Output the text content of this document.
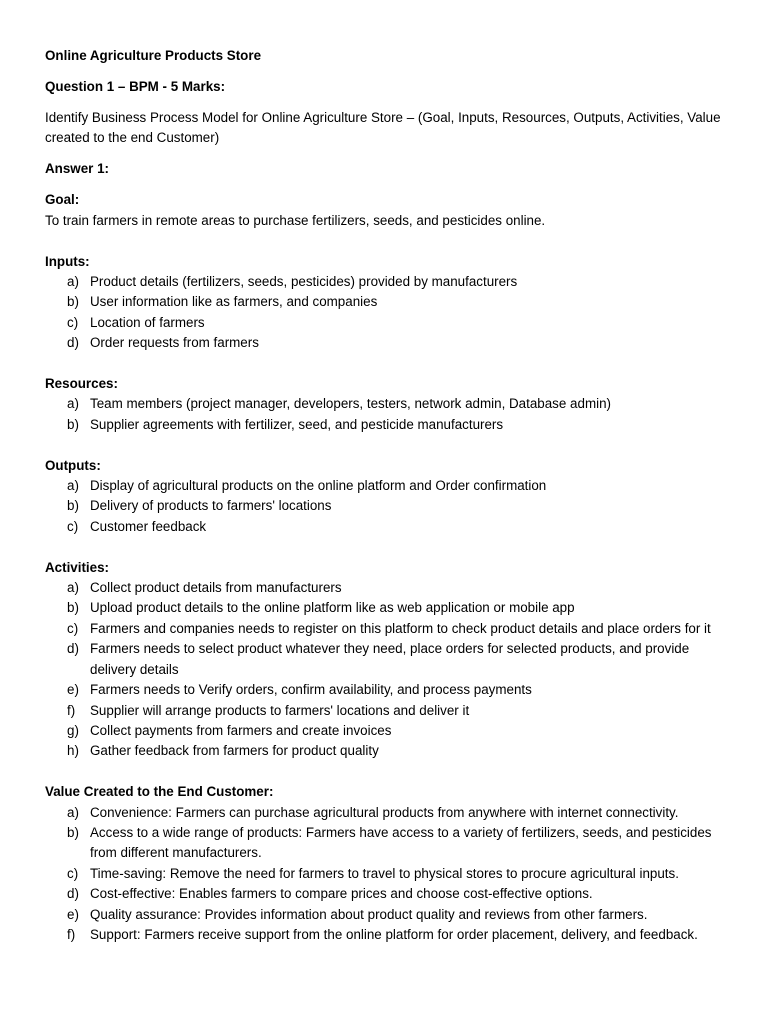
Online Agriculture Products Store

Question 1 – BPM - 5 Marks:

Identify Business Process Model for Online Agriculture Store – (Goal, Inputs, Resources, Outputs, Activities, Value created to the end Customer)

Answer 1:

Goal:

To train farmers in remote areas to purchase fertilizers, seeds, and pesticides online.

Inputs:

a) Product details (fertilizers, seeds, pesticides) provided by manufacturers
b) User information like as farmers, and companies
c) Location of farmers
d) Order requests from farmers

Resources:

a) Team members (project manager, developers, testers, network admin, Database admin)
b) Supplier agreements with fertilizer, seed, and pesticide manufacturers

Outputs:

a) Display of agricultural products on the online platform and Order confirmation
b) Delivery of products to farmers' locations
c) Customer feedback

Activities:

a) Collect product details from manufacturers
b) Upload product details to the online platform like as web application or mobile app
c) Farmers and companies needs to register on this platform to check product details and place orders for it
d) Farmers needs to select product whatever they need, place orders for selected products, and provide delivery details
e) Farmers needs to Verify orders, confirm availability, and process payments
f) Supplier will arrange products to farmers' locations and deliver it
g) Collect payments from farmers and create invoices
h) Gather feedback from farmers for product quality

Value Created to the End Customer:

a) Convenience: Farmers can purchase agricultural products from anywhere with internet connectivity.
b) Access to a wide range of products: Farmers have access to a variety of fertilizers, seeds, and pesticides from different manufacturers.
c) Time-saving: Remove the need for farmers to travel to physical stores to procure agricultural inputs.
d) Cost-effective: Enables farmers to compare prices and choose cost-effective options.
e) Quality assurance: Provides information about product quality and reviews from other farmers.
f) Support: Farmers receive support from the online platform for order placement, delivery, and feedback.
